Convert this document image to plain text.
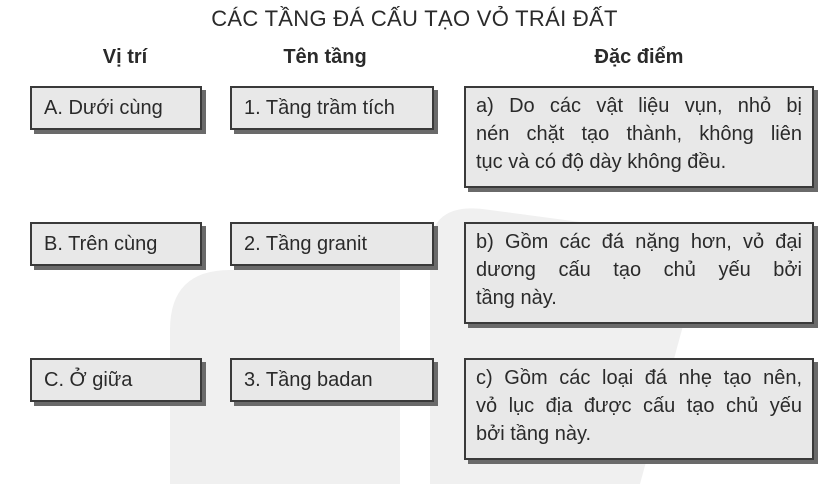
CÁC TẦNG ĐÁ CẤU TẠO VỎ TRÁI ĐẤT
Vị trí	Tên tầng	Đặc điểm
A. Dưới cùng	1. Tầng trầm tích	a) Do các vật liệu vụn, nhỏ bị
nén chặt tạo thành, không liên
tục và có độ dày không đều.
B. Trên cùng	2. Tầng granit	b) Gồm các đá nặng hơn, vỏ đại
dương cấu tạo chủ yếu bởi
tầng này.
C. Ở giữa	3. Tầng badan	c) Gồm các loại đá nhẹ tạo nên,
vỏ lục địa được cấu tạo chủ yếu
bởi tầng này.
